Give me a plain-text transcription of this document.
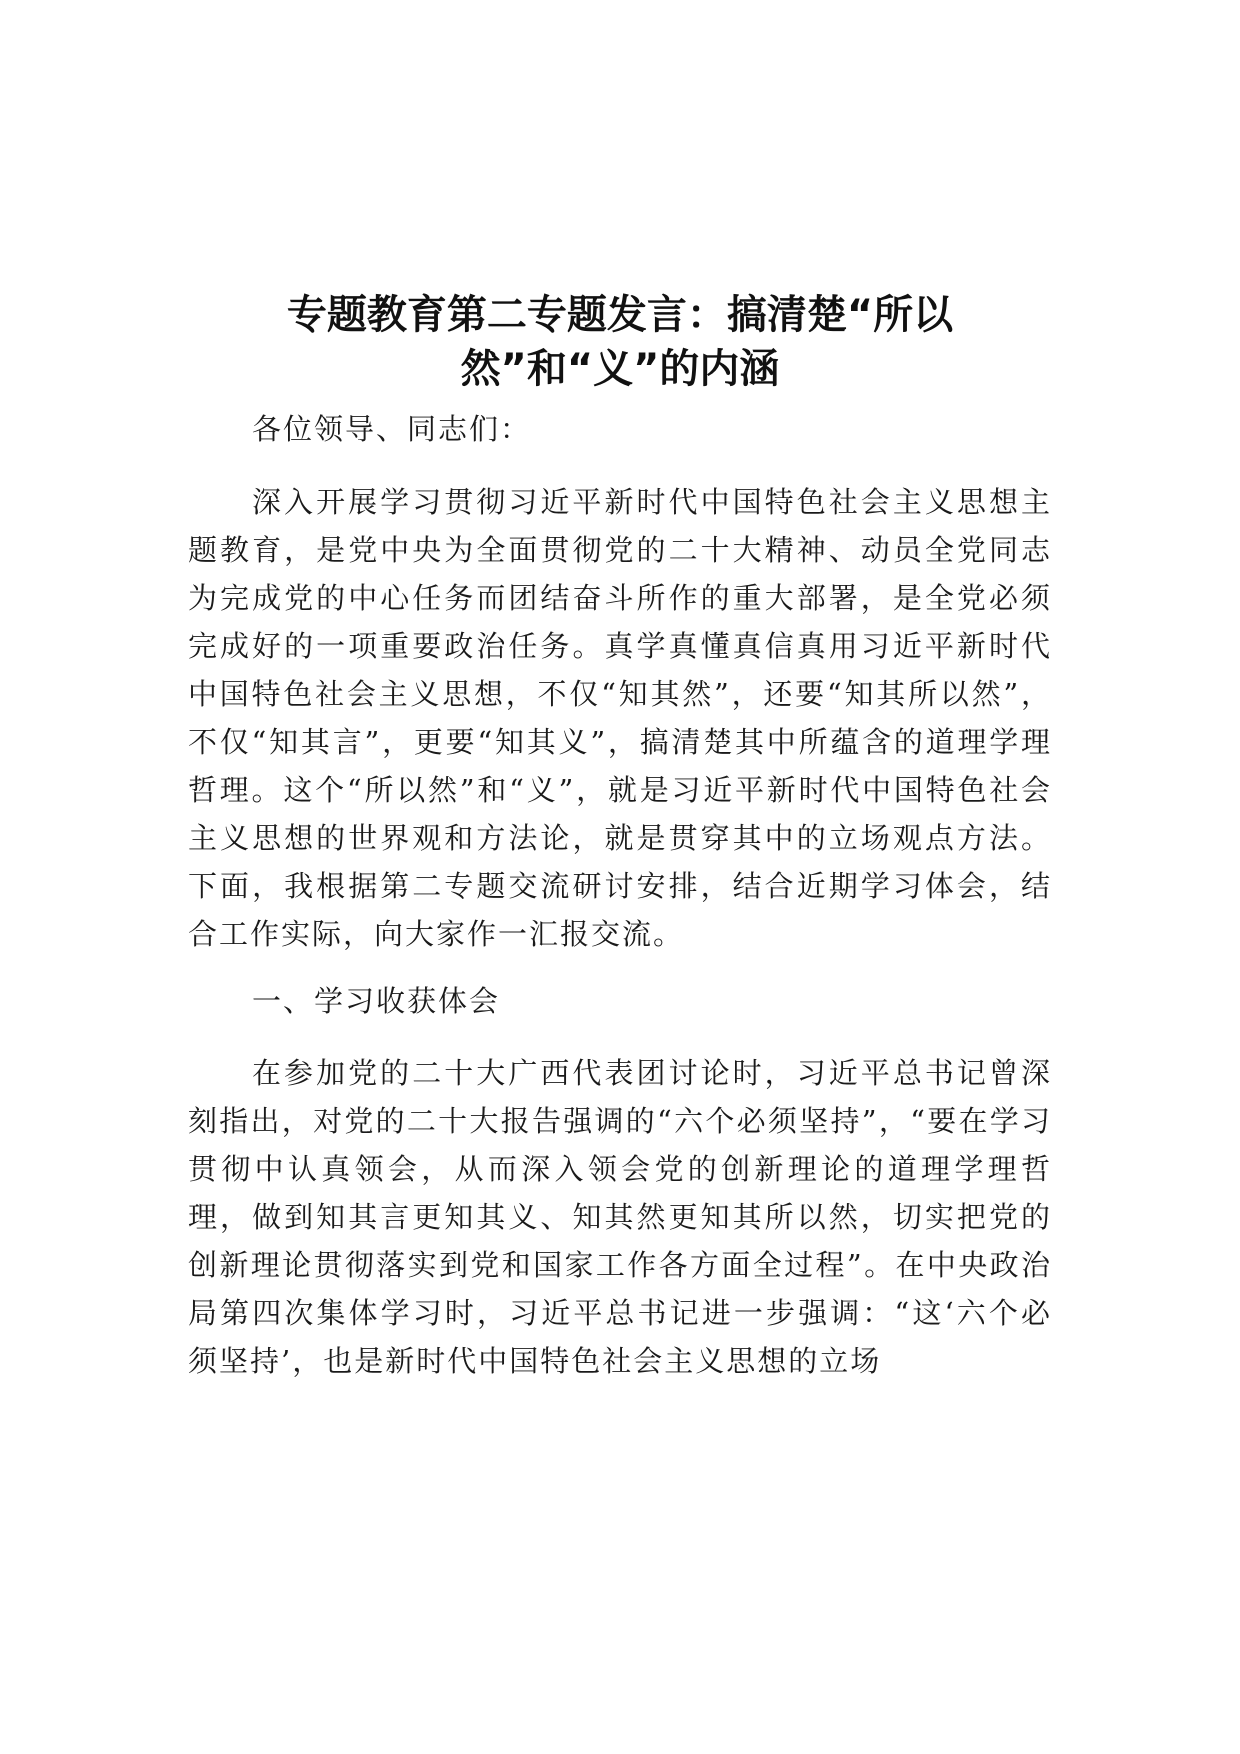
专题教育第二专题发言：搞清楚“所以然”和“义”的内涵

各位领导、同志们：

深入开展学习贯彻习近平新时代中国特色社会主义思想主题教育，是党中央为全面贯彻党的二十大精神、动员全党同志为完成党的中心任务而团结奋斗所作的重大部署，是全党必须完成好的一项重要政治任务。真学真懂真信真用习近平新时代中国特色社会主义思想，不仅“知其然”，还要“知其所以然”，不仅“知其言”，更要“知其义”，搞清楚其中所蕴含的道理学理哲理。这个“所以然”和“义”，就是习近平新时代中国特色社会主义思想的世界观和方法论，就是贯穿其中的立场观点方法。下面，我根据第二专题交流研讨安排，结合近期学习体会，结合工作实际，向大家作一汇报交流。

一、学习收获体会

在参加党的二十大广西代表团讨论时，习近平总书记曾深刻指出，对党的二十大报告强调的“六个必须坚持”，“要在学习贯彻中认真领会，从而深入领会党的创新理论的道理学理哲理，做到知其言更知其义、知其然更知其所以然，切实把党的创新理论贯彻落实到党和国家工作各方面全过程”。在中央政治局第四次集体学习时，习近平总书记进一步强调：“这‘六个必须坚持’，也是新时代中国特色社会主义思想的立场
